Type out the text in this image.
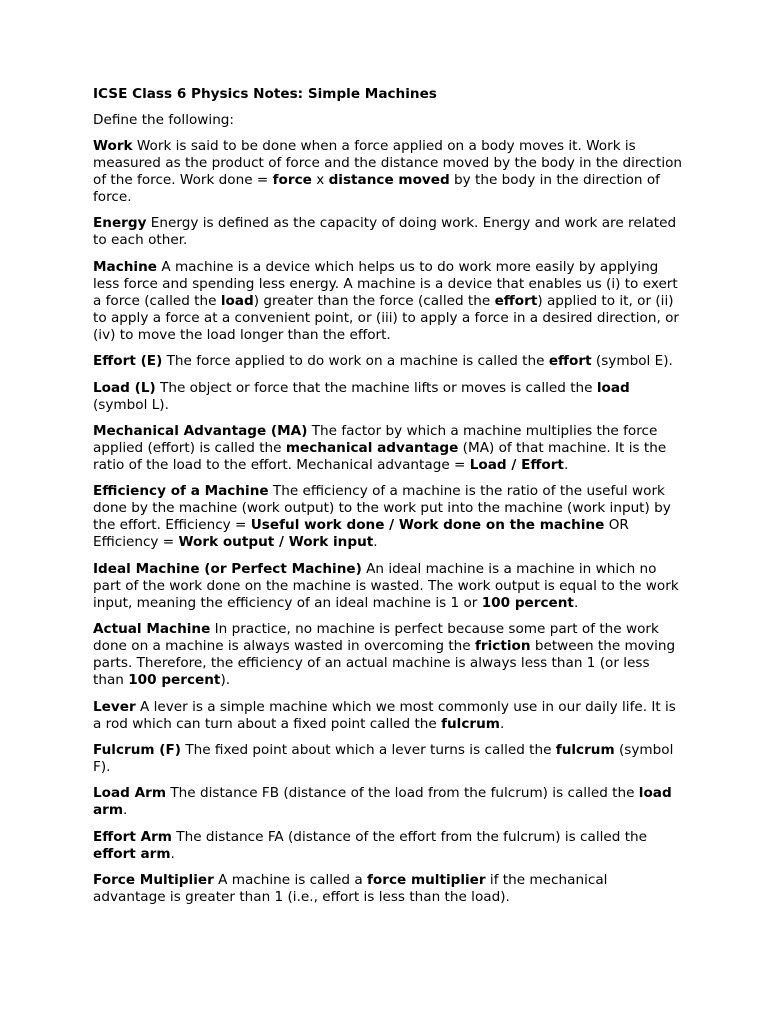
ICSE Class 6 Physics Notes: Simple Machines

Define the following:

Work Work is said to be done when a force applied on a body moves it. Work is measured as the product of force and the distance moved by the body in the direction of the force. Work done = force x distance moved by the body in the direction of force.

Energy Energy is defined as the capacity of doing work. Energy and work are related to each other.

Machine A machine is a device which helps us to do work more easily by applying less force and spending less energy. A machine is a device that enables us (i) to exert a force (called the load) greater than the force (called the effort) applied to it, or (ii) to apply a force at a convenient point, or (iii) to apply a force in a desired direction, or (iv) to move the load longer than the effort.

Effort (E) The force applied to do work on a machine is called the effort (symbol E).

Load (L) The object or force that the machine lifts or moves is called the load (symbol L).

Mechanical Advantage (MA) The factor by which a machine multiplies the force applied (effort) is called the mechanical advantage (MA) of that machine. It is the ratio of the load to the effort. Mechanical advantage = Load / Effort.

Efficiency of a Machine The efficiency of a machine is the ratio of the useful work done by the machine (work output) to the work put into the machine (work input) by the effort. Efficiency = Useful work done / Work done on the machine OR Efficiency = Work output / Work input.

Ideal Machine (or Perfect Machine) An ideal machine is a machine in which no part of the work done on the machine is wasted. The work output is equal to the work input, meaning the efficiency of an ideal machine is 1 or 100 percent.

Actual Machine In practice, no machine is perfect because some part of the work done on a machine is always wasted in overcoming the friction between the moving parts. Therefore, the efficiency of an actual machine is always less than 1 (or less than 100 percent).

Lever A lever is a simple machine which we most commonly use in our daily life. It is a rod which can turn about a fixed point called the fulcrum.

Fulcrum (F) The fixed point about which a lever turns is called the fulcrum (symbol F).

Load Arm The distance FB (distance of the load from the fulcrum) is called the load arm.

Effort Arm The distance FA (distance of the effort from the fulcrum) is called the effort arm.

Force Multiplier A machine is called a force multiplier if the mechanical advantage is greater than 1 (i.e., effort is less than the load).
